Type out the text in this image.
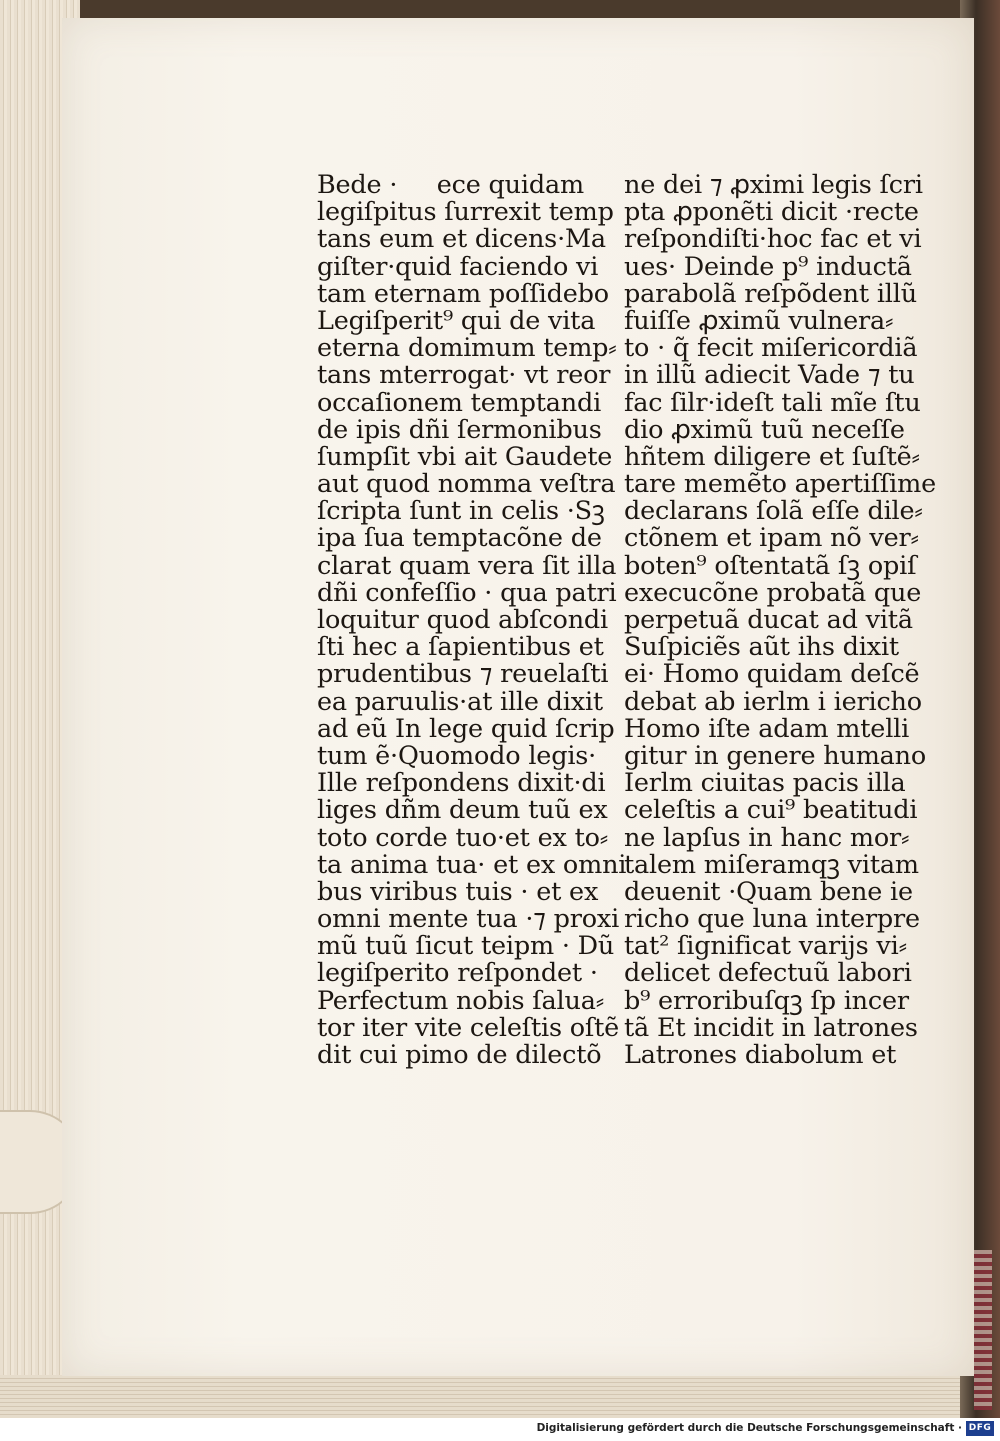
Bede ·     ece quidam
legiſpitus ſurrexit temp
tans eum et dicens·Ma
giſter·quid faciendo vi
tam eternam poſſidebo
Legiſperit⁹ qui de vita
eterna domimum temp⸗
tans mterrogat· vt reor
occaſionem temptandi
de ipis dñi ſermonibus
ſumpſit vbi ait Gaudete
aut quod nomma veſtra
ſcripta ſunt in celis ·Sꝫ
ipa ſua temptacõne de
clarat quam vera ſit illa
dñi confeſſio · qua patri
loquitur quod abſcondi
ſti hec a ſapientibus et
prudentibus ⁊ reuelaſti
ea paruulis·at ille dixit
ad eũ In lege quid ſcrip
tum ẽ·Quomodo legis·
Ille reſpondens dixit·di
liges dñm deum tuũ ex
toto corde tuo·et ex to⸗
ta anima tua· et ex omni
bus viribus tuis · et ex
omni mente tua ·⁊ proxi
mũ tuũ ſicut teipm · Dũ
legiſperito reſpondet ·
Perfectum nobis ſalua⸗
tor iter vite celeſtis oſtẽ
dit cui pimo de dilectõ
ne dei ⁊ ꝓximi legis ſcri
pta ꝓponẽti dicit ·recte
reſpondiſti·hoc fac et vi
ues· Deinde p⁹ inductã
parabolã reſpõdent illũ
fuiſſe ꝓximũ vulnera⸗
to · q̃ fecit miſericordiã
in illũ adiecit Vade ⁊ tu
fac ſilr·ideſt tali mĩe ſtu
dio ꝓximũ tuũ neceſſe
hñtem diligere et ſuſtẽ⸗
tare memẽto apertiſſime
declarans ſolã eſſe dile⸗
ctõnem et ipam nõ ver⸗
boten⁹ oſtentatã ſꝫ opiſ
execucõne probatã que
perpetuã ducat ad vitã
Suſpiciẽs aũt ihs dixit
ei· Homo quidam deſcẽ
debat ab ierlm i iericho
Homo iſte adam mtelli
gitur in genere humano
Ierlm ciuitas pacis illa
celeſtis a cui⁹ beatitudi
ne lapſus in hanc mor⸗
talem miſeramqꝫ vitam
deuenit ·Quam bene ie
richo que luna interpre
tat² ſignificat varijs vi⸗
delicet defectuũ labori
b⁹ erroribuſqꝫ ſp incer
tã Et incidit in latrones
Latrones diabolum et
Digitalisierung gefördert durch die Deutsche Forschungsgemeinschaft · DFG
